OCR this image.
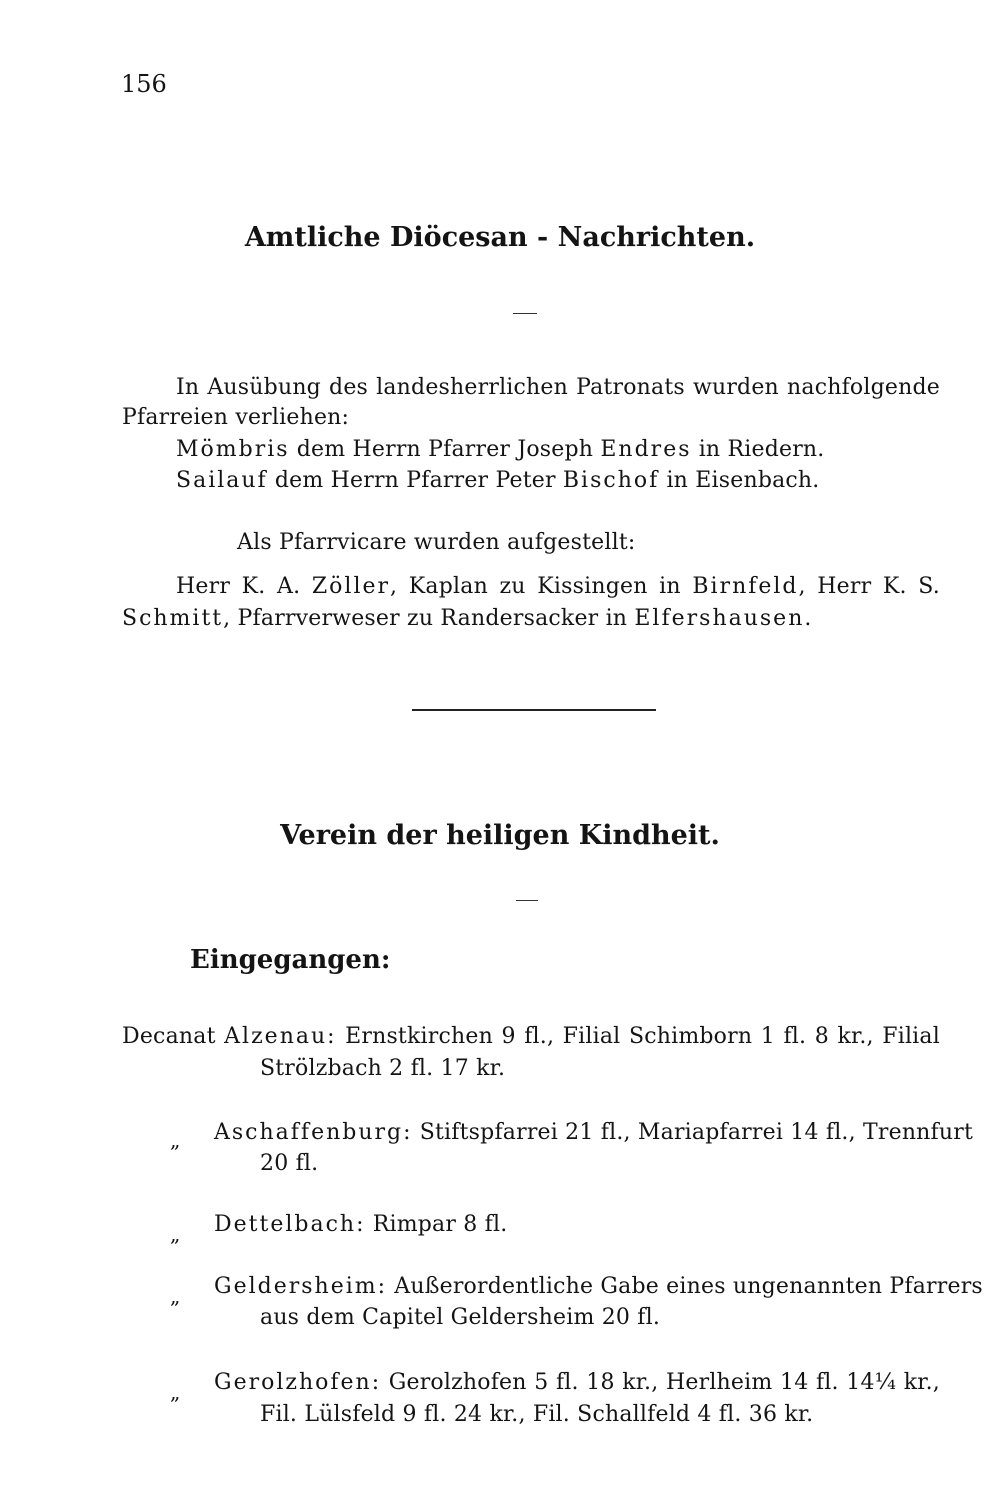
156
Amtliche Diöcesan - Nachrichten.
In Ausübung des landesherrlichen Patronats wurden nachfolgende
Pfarreien verliehen:
Mömbris dem Herrn Pfarrer Joseph Endres in Riedern.
Sailauf dem Herrn Pfarrer Peter Bischof in Eisenbach.
Als Pfarrvicare wurden aufgestellt:
Herr K. A. Zöller, Kaplan zu Kissingen in Birnfeld, Herr K. S.
Schmitt, Pfarrverweser zu Randersacker in Elfershausen.
Verein der heiligen Kindheit.
Eingegangen:
Decanat Alzenau: Ernstkirchen 9 fl., Filial Schimborn 1 fl. 8 kr., Filial
Strölzbach 2 fl. 17 kr.
„ Aschaffenburg: Stiftspfarrei 21 fl., Mariapfarrei 14 fl., Trennfurt
20 fl.
„ Dettelbach: Rimpar 8 fl.
„ Geldersheim: Außerordentliche Gabe eines ungenannten Pfarrers
aus dem Capitel Geldersheim 20 fl.
„ Gerolzhofen: Gerolzhofen 5 fl. 18 kr., Herlheim 14 fl. 14¼ kr.,
Fil. Lülsfeld 9 fl. 24 kr., Fil. Schallfeld 4 fl. 36 kr.
